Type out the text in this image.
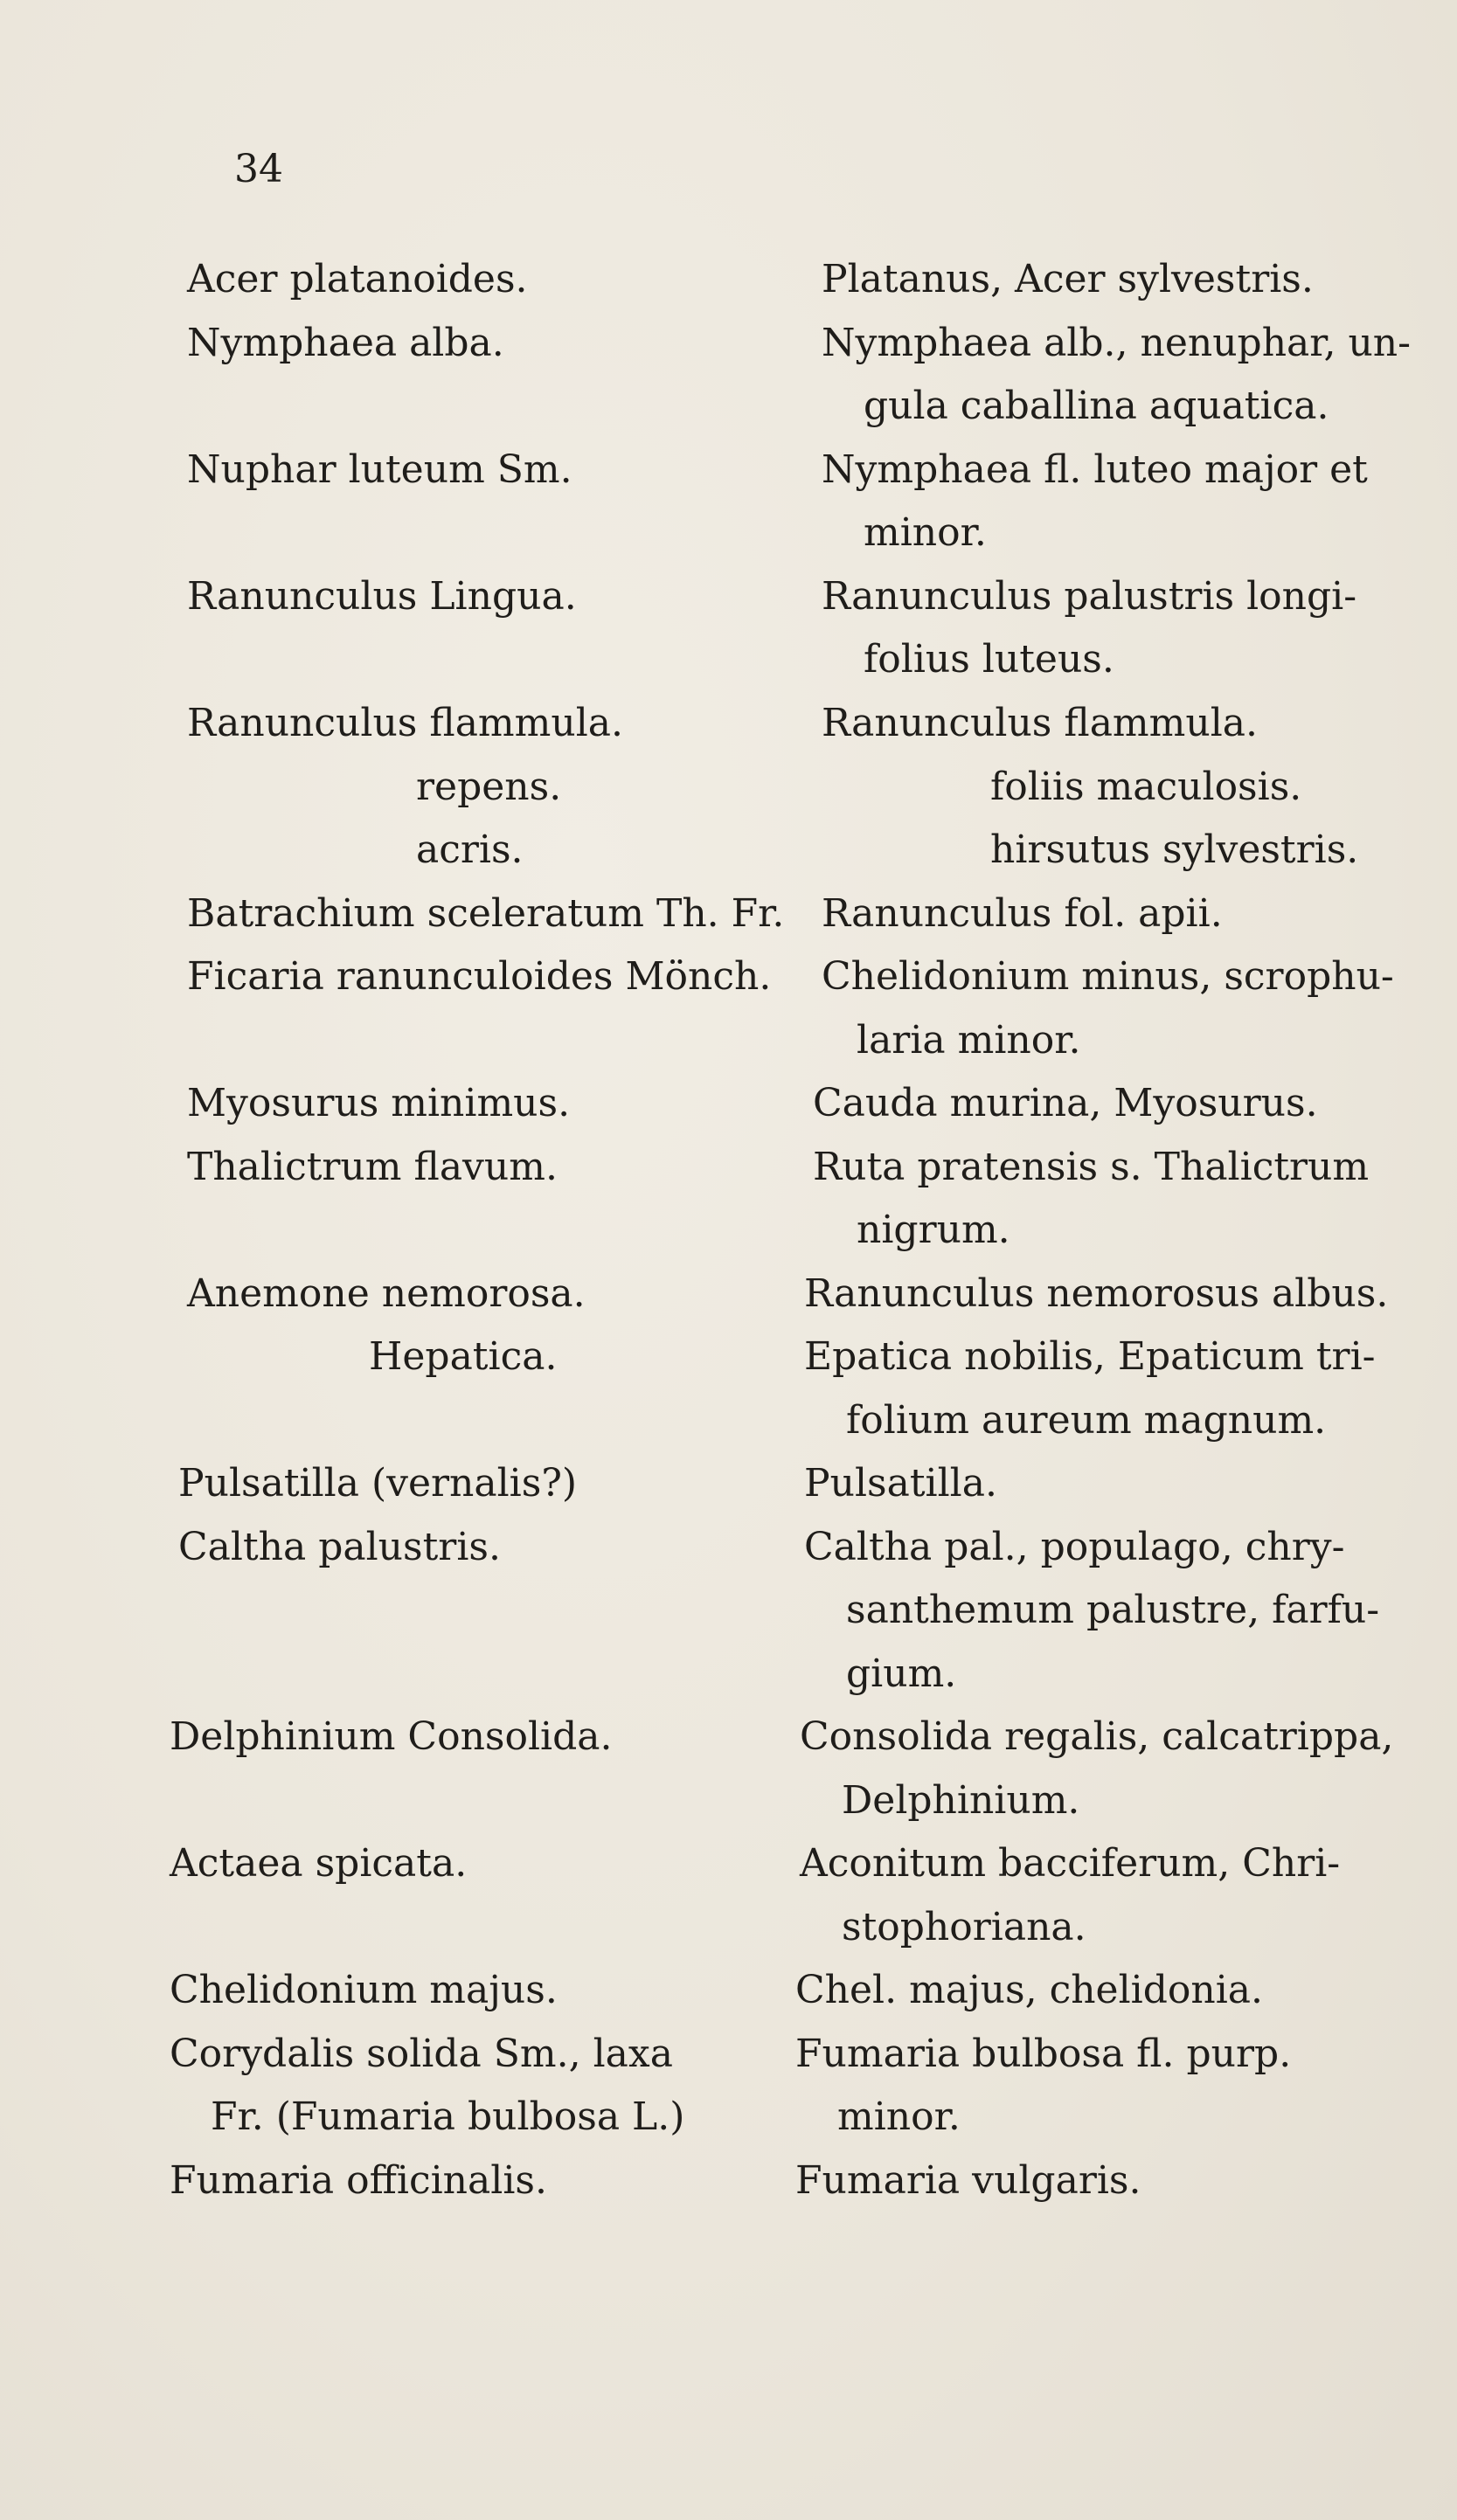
34
Acer platanoides.
Nymphaea alba.
Nuphar luteum Sm.
Ranunculus Lingua.
Ranunculus flammula.
repens.
acris.
Batrachium sceleratum Th. Fr.
Ficaria ranunculoides Mönch.
Myosurus minimus.
Thalictrum flavum.
Anemone nemorosa.
Hepatica.
Pulsatilla (vernalis?)
Caltha palustris.
Delphinium Consolida.
Actaea spicata.
Chelidonium majus.
Corydalis solida Sm., laxa
Fr. (Fumaria bulbosa L.)
Fumaria officinalis.
Platanus, Acer sylvestris.
Nymphaea alb., nenuphar, un-
gula caballina aquatica.
Nymphaea fl. luteo major et
minor.
Ranunculus palustris longi-
folius luteus.
Ranunculus flammula.
foliis maculosis.
hirsutus sylvestris.
Ranunculus fol. apii.
Chelidonium minus, scrophu-
laria minor.
Cauda murina, Myosurus.
Ruta pratensis s. Thalictrum
nigrum.
Ranunculus nemorosus albus.
Epatica nobilis, Epaticum tri-
folium aureum magnum.
Pulsatilla.
Caltha pal., populago, chry-
santhemum palustre, farfu-
gium.
Consolida regalis, calcatrippa,
Delphinium.
Aconitum bacciferum, Chri-
stophoriana.
Chel. majus, chelidonia.
Fumaria bulbosa fl. purp.
minor.
Fumaria vulgaris.
